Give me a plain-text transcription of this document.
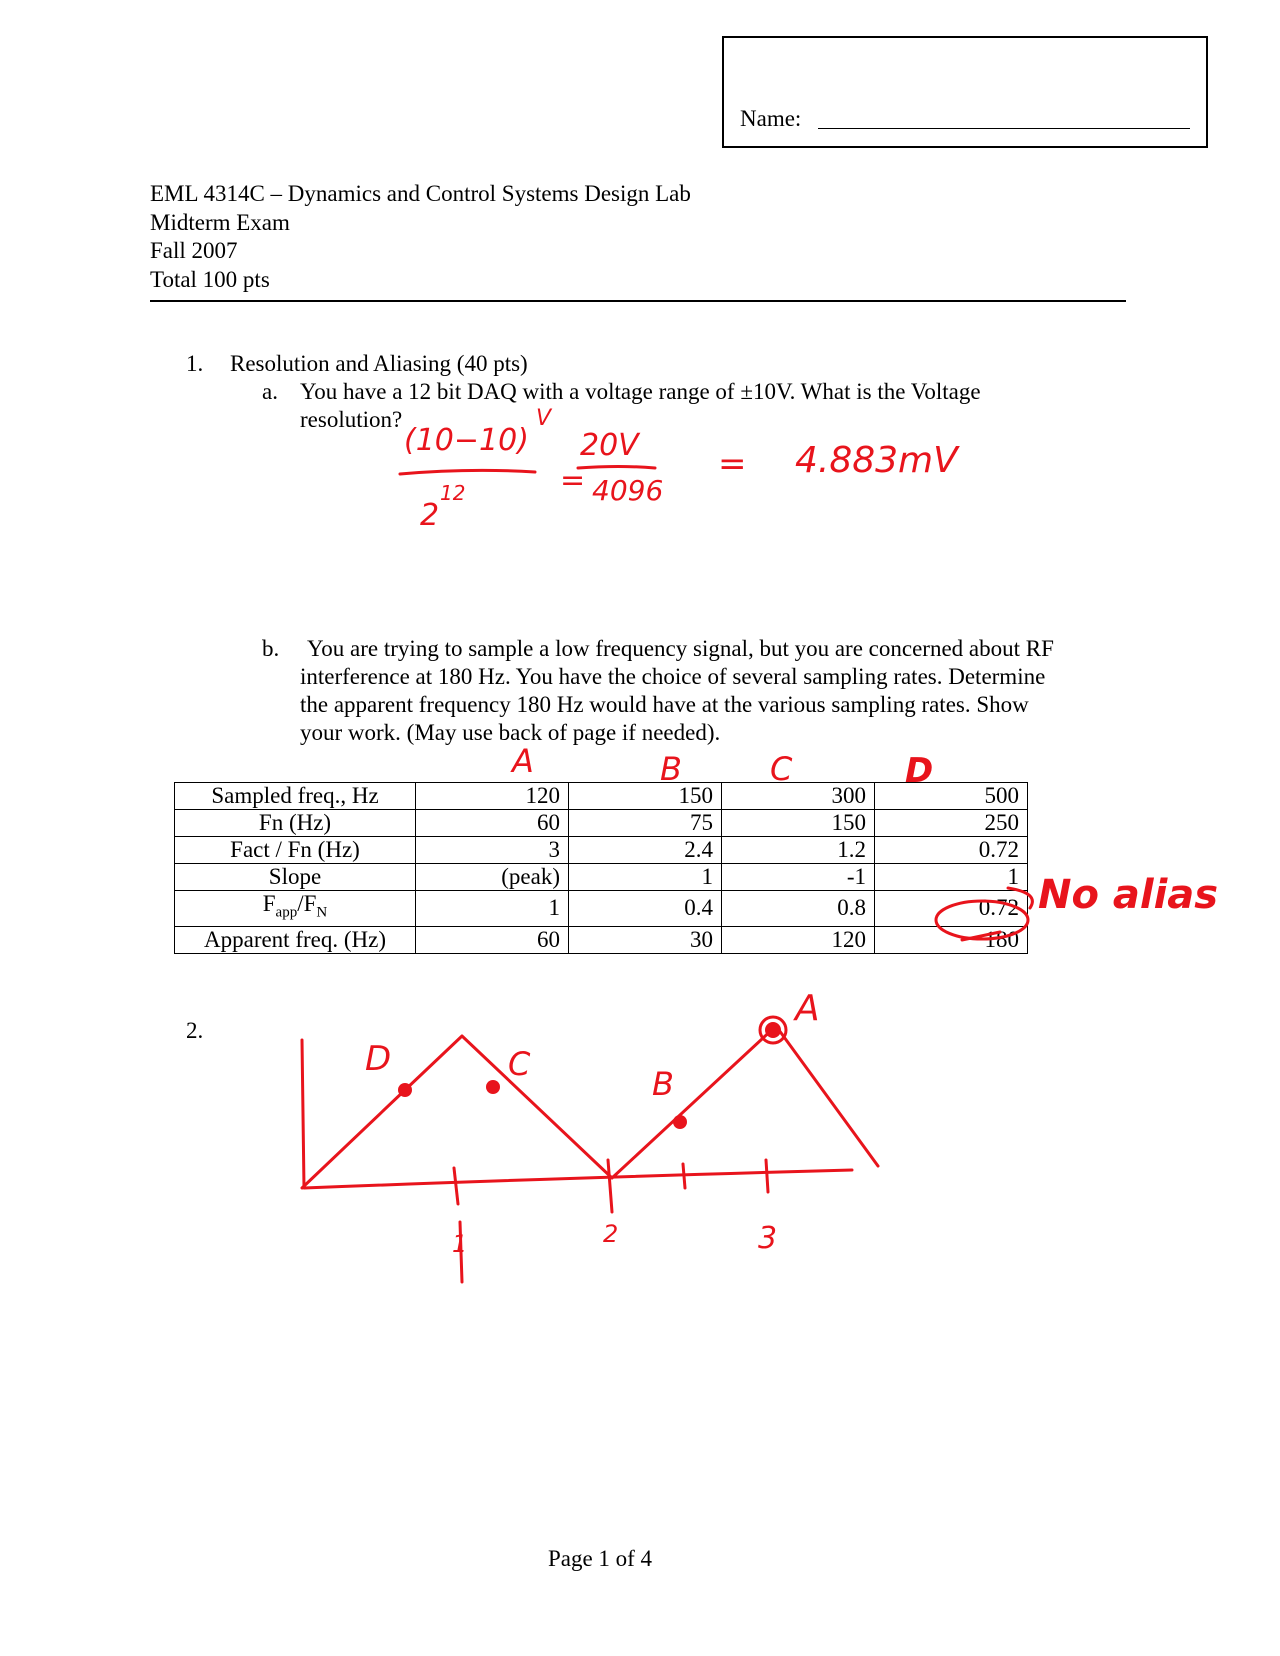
Name:
EML 4314C – Dynamics and Control Systems Design Lab
Midterm Exam
Fall 2007
Total 100 pts
1. Resolution and Aliasing (40 pts)
a. You have a 12 bit DAQ with a voltage range of ±10V. What is the Voltage
resolution?
b. You are trying to sample a low frequency signal, but you are concerned about RF
interference at 180 Hz. You have the choice of several sampling rates. Determine
the apparent frequency 180 Hz would have at the various sampling rates. Show
your work. (May use back of page if needed).
Sampled freq., Hz	120	150	300	500
Fn (Hz)	60	75	150	250
Fact / Fn (Hz)	3	2.4	1.2	0.72
Slope	(peak)	1	-1	1
$F_{app}/F_N$	1	0.4	0.8	0.72
Apparent freq. (Hz)	60	30	120	180
2.
(10−10)
V
2
12	=
20V
4096
= 4.883mV
A	B	C	D
No alias
D	C
B
A
1	2	3
Page 1 of 4
